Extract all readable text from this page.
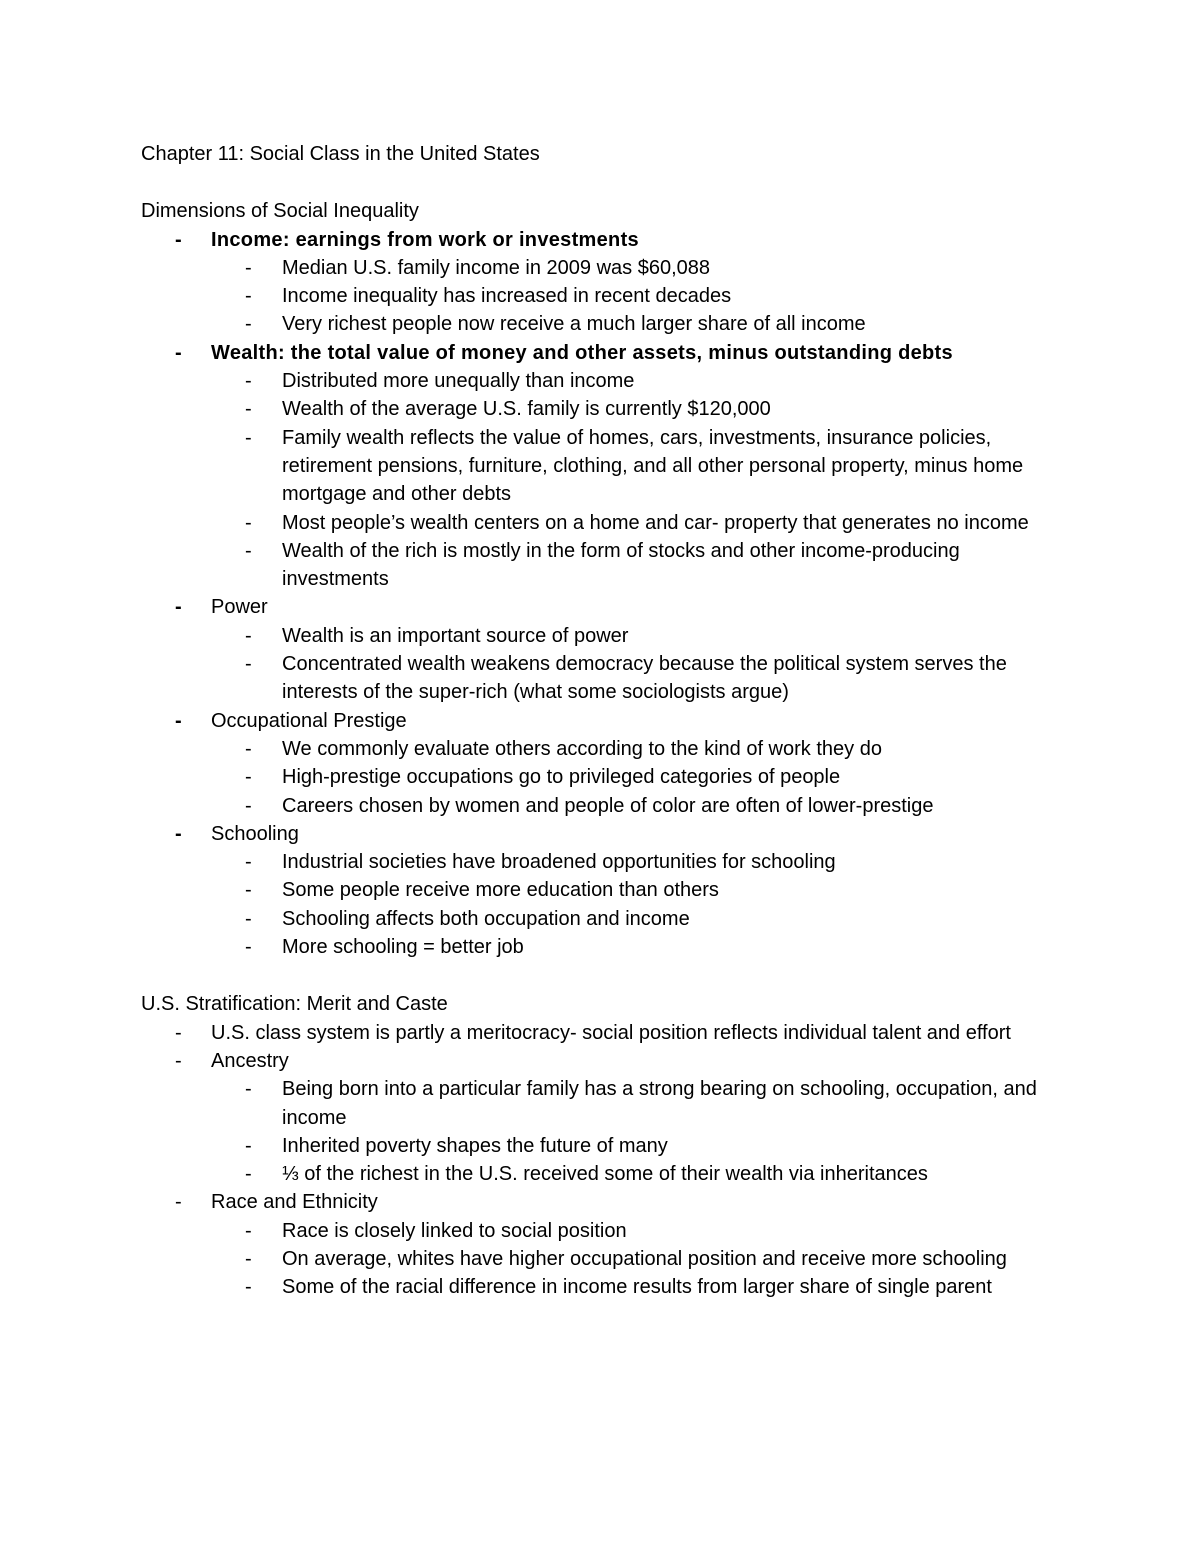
Chapter 11: Social Class in the United States

Dimensions of Social Inequality

-	Income: earnings from work or investments
-	Median U.S. family income in 2009 was $60,088
-	Income inequality has increased in recent decades
-	Very richest people now receive a much larger share of all income
-	Wealth: the total value of money and other assets, minus outstanding debts
-	Distributed more unequally than income
-	Wealth of the average U.S. family is currently $120,000
-	Family wealth reflects the value of homes, cars, investments, insurance policies, retirement pensions, furniture, clothing, and all other personal property, minus home mortgage and other debts
-	Most people’s wealth centers on a home and car- property that generates no income
-	Wealth of the rich is mostly in the form of stocks and other income-producing investments
-	Power
-	Wealth is an important source of power
-	Concentrated wealth weakens democracy because the political system serves the interests of the super-rich (what some sociologists argue)
-	Occupational Prestige
-	We commonly evaluate others according to the kind of work they do
-	High-prestige occupations go to privileged categories of people
-	Careers chosen by women and people of color are often of lower-prestige
-	Schooling
-	Industrial societies have broadened opportunities for schooling
-	Some people receive more education than others
-	Schooling affects both occupation and income
-	More schooling = better job

U.S. Stratification: Merit and Caste

-	U.S. class system is partly a meritocracy- social position reflects individual talent and effort
-	Ancestry
-	Being born into a particular family has a strong bearing on schooling, occupation, and income
-	Inherited poverty shapes the future of many
-	⅓ of the richest in the U.S. received some of their wealth via inheritances
-	Race and Ethnicity
-	Race is closely linked to social position
-	On average, whites have higher occupational position and receive more schooling
-	Some of the racial difference in income results from larger share of single parent
